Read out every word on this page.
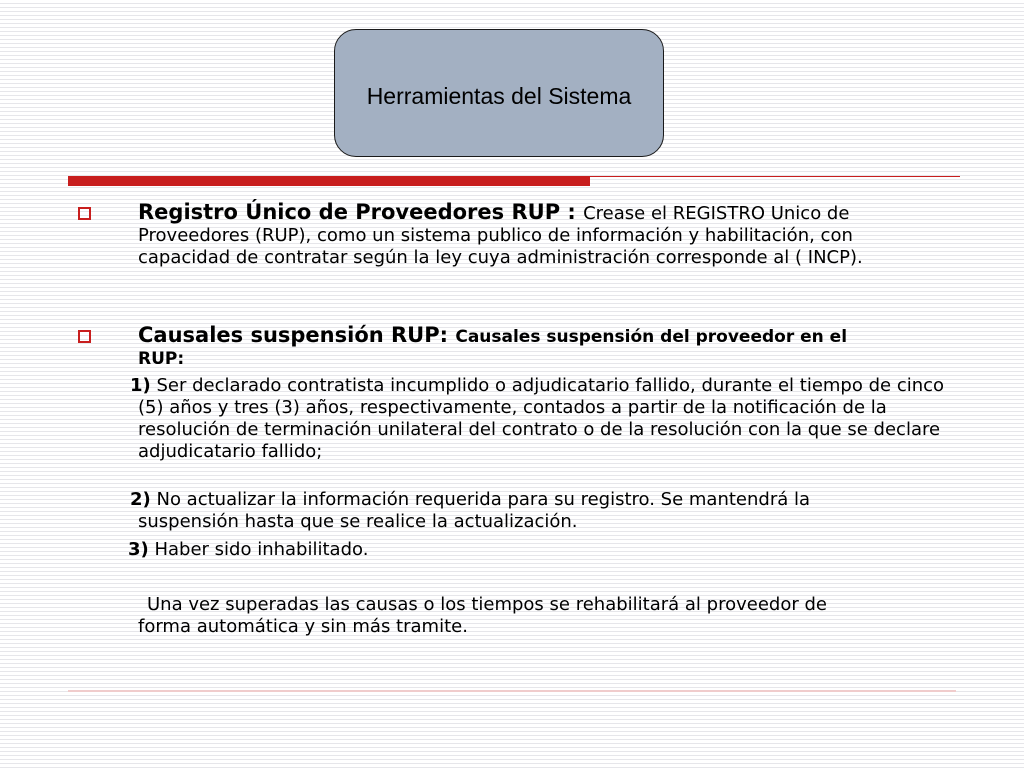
Herramientas del Sistema

Registro Único de Proveedores RUP : Crease el REGISTRO Unico de Proveedores (RUP), como un sistema publico de información y habilitación, con capacidad de contratar según la ley cuya administración corresponde al ( INCP).

Causales suspensión RUP: Causales suspensión del proveedor en el RUP:

1) Ser declarado contratista incumplido o adjudicatario fallido, durante el tiempo de cinco (5) años y tres (3) años, respectivamente, contados a partir de la notificación de la resolución de terminación unilateral del contrato o de la resolución con la que se declare adjudicatario fallido;

2) No actualizar la información requerida para su registro. Se mantendrá la suspensión hasta que se realice la actualización.

3) Haber sido inhabilitado.

Una vez superadas las causas o los tiempos se rehabilitará al proveedor de forma automática y sin más tramite.
